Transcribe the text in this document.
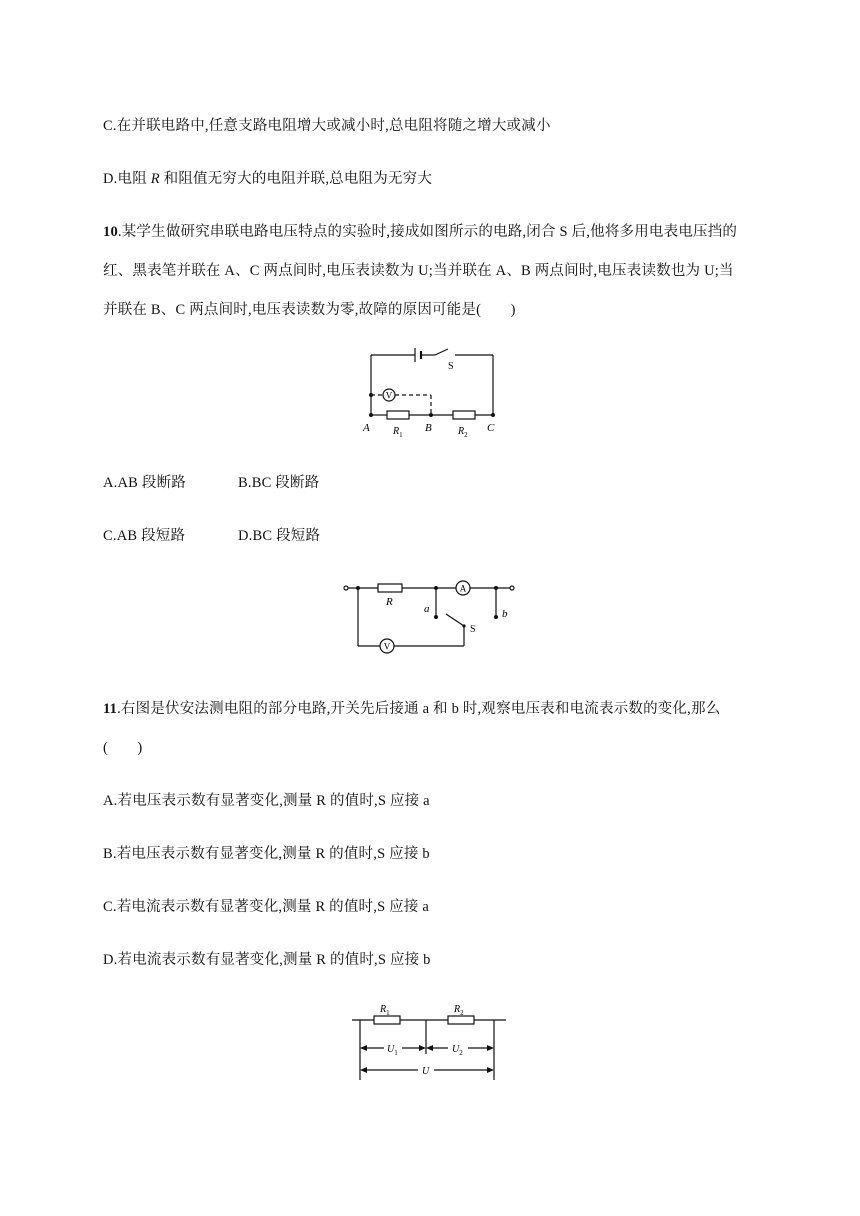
C.在并联电路中,任意支路电阻增大或减小时,总电阻将随之增大或减小
D.电阻 R 和阻值无穷大的电阻并联,总电阻为无穷大
10.某学生做研究串联电路电压特点的实验时,接成如图所示的电路,闭合 S 后,他将多用电表电压挡的
红、黑表笔并联在 A、C 两点间时,电压表读数为 U;当并联在 A、B 两点间时,电压表读数也为 U;当
并联在 B、C 两点间时,电压表读数为零,故障的原因可能是(　　)
V
S
A	B	C
$R_1$	$R_2$
A.AB 段断路	B.BC 段断路
C.AB 段短路	D.BC 段短路
A
V
R
a	b
S
11.右图是伏安法测电阻的部分电路,开关先后接通 a 和 b 时,观察电压表和电流表示数的变化,那么
(　　)
A.若电压表示数有显著变化,测量 R 的值时,S 应接 a
B.若电压表示数有显著变化,测量 R 的值时,S 应接 b
C.若电流表示数有显著变化,测量 R 的值时,S 应接 a
D.若电流表示数有显著变化,测量 R 的值时,S 应接 b
$R_1$	$R_2$
$U_1$	$U_2$
U
